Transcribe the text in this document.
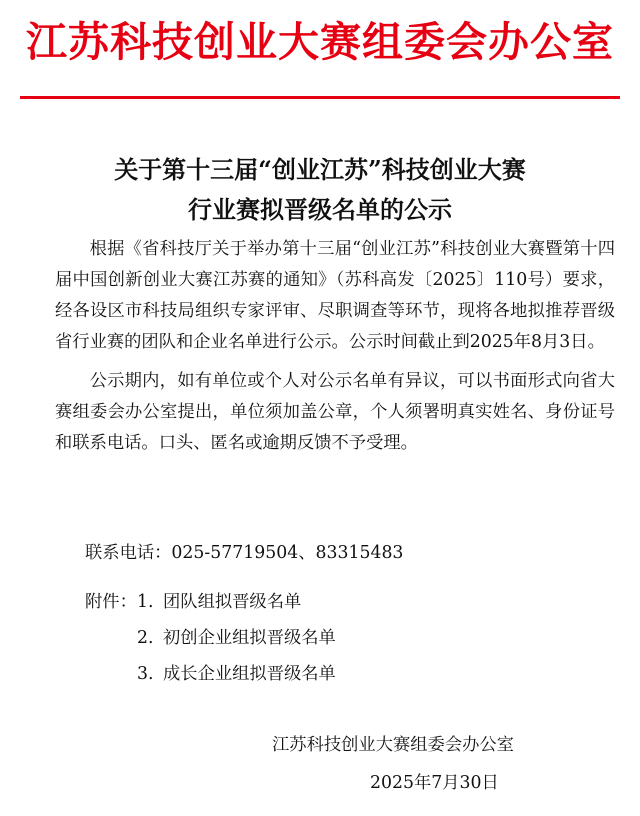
江苏科技创业大赛组委会办公室
关于第十三届“创业江苏”科技创业大赛
行业赛拟晋级名单的公示

根据《省科技厅关于举办第十三届“创业江苏”科技创业大赛暨第十四届中国创新创业大赛江苏赛的通知》（苏科高发〔2025〕110号）要求，经各设区市科技局组织专家评审、尽职调查等环节，现将各地拟推荐晋级省行业赛的团队和企业名单进行公示。公示时间截止到2025年8月3日。

公示期内，如有单位或个人对公示名单有异议，可以书面形式向省大赛组委会办公室提出，单位须加盖公章，个人须署明真实姓名、身份证号和联系电话。口头、匿名或逾期反馈不予受理。

联系电话：025-57719504、83315483
附件：1. 团队组拟晋级名单
2. 初创企业组拟晋级名单
3. 成长企业组拟晋级名单
江苏科技创业大赛组委会办公室
2025年7月30日
